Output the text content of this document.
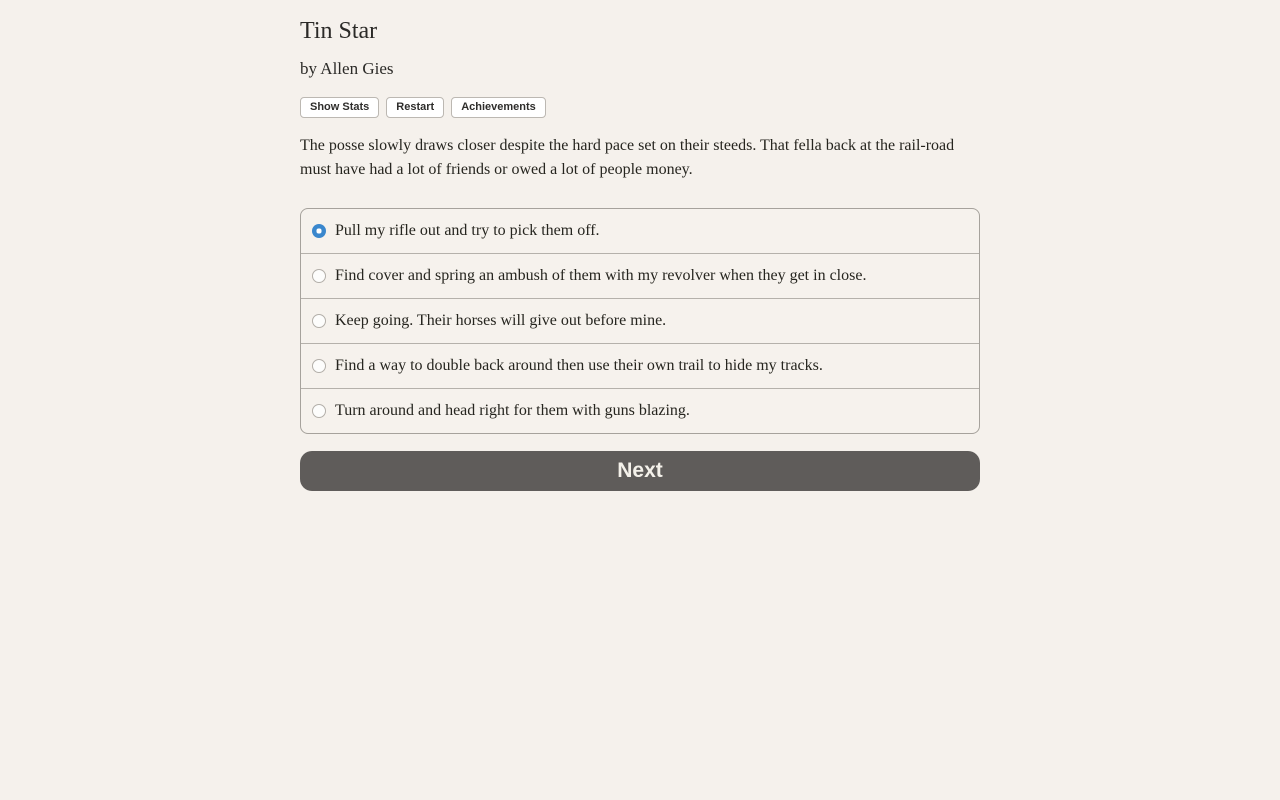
Tin Star

by Allen Gies

Show Stats	Restart	Achievements

The posse slowly draws closer despite the hard pace set on their steeds. That fella back at the rail-road must have had a lot of friends or owed a lot of people money.

Pull my rifle out and try to pick them off.
Find cover and spring an ambush of them with my revolver when they get in close.
Keep going. Their horses will give out before mine.
Find a way to double back around then use their own trail to hide my tracks.
Turn around and head right for them with guns blazing.
Next
